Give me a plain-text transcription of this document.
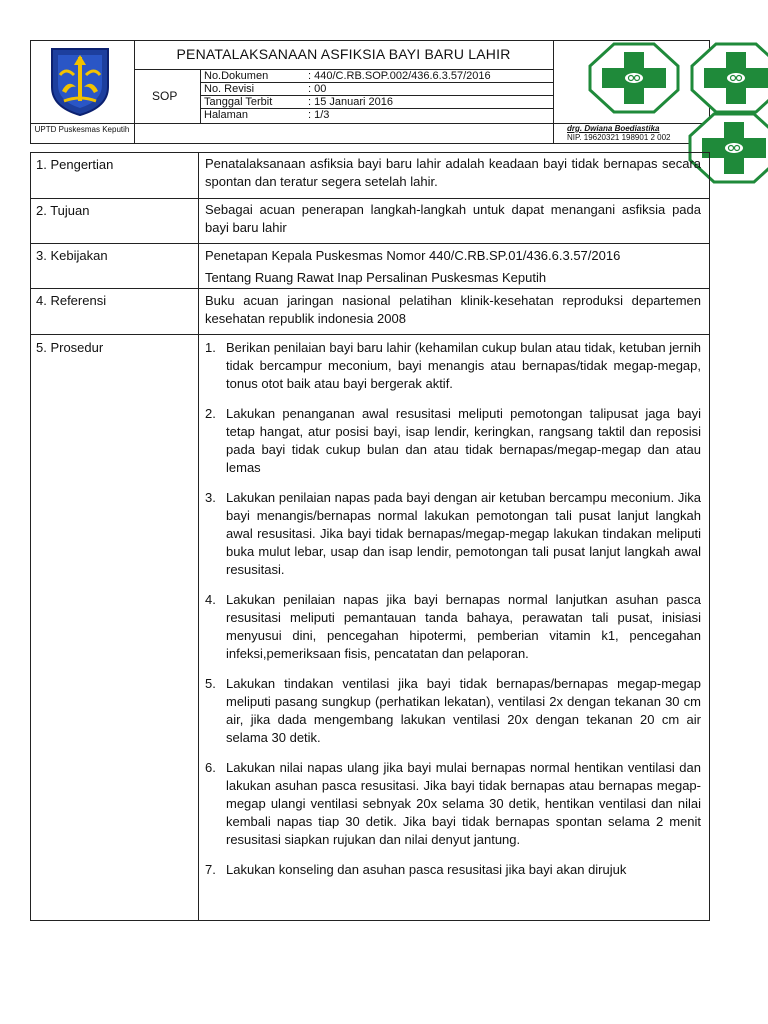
UPTD Puskesmas Keputih
PENATALAKSANAAN ASFIKSIA BAYI BARU LAHIR
SOP
No.Dokumen	: 440/C.RB.SOP.002/436.6.3.57/2016
No. Revisi	: 00
Tanggal Terbit	: 15 Januari 2016
Halaman	: 1/3
drg. Dwiana Boediastika
NIP. 19620321 198901 2 002
1. Pengertian	Penatalaksanaan asfiksia bayi baru lahir adalah keadaan bayi tidak bernapas secara spontan dan teratur segera setelah lahir.
2. Tujuan	Sebagai acuan penerapan langkah-langkah untuk dapat menangani asfiksia pada bayi baru lahir
3. Kebijakan	Penetapan Kepala Puskesmas Nomor 440/C.RB.SP.01/436.6.3.57/2016
Tentang Ruang Rawat Inap Persalinan Puskesmas Keputih
4. Referensi	Buku acuan jaringan nasional pelatihan klinik-kesehatan reproduksi departemen kesehatan republik indonesia 2008
5. Prosedur	1. Berikan penilaian bayi baru lahir (kehamilan cukup bulan atau tidak, ketuban jernih tidak bercampur meconium, bayi menangis atau bernapas/tidak megap-megap, tonus otot baik atau bayi bergerak aktif.
2. Lakukan penanganan awal resusitasi meliputi pemotongan talipusat jaga bayi tetap hangat, atur posisi bayi, isap lendir, keringkan, rangsang taktil dan reposisi pada bayi tidak cukup bulan dan atau tidak bernapas/megap-megap dan atau lemas
3. Lakukan penilaian napas pada bayi dengan air ketuban bercampu meconium. Jika bayi menangis/bernapas normal lakukan pemotongan tali pusat lanjut langkah awal resusitasi. Jika bayi tidak bernapas/megap-megap lakukan tindakan meliputi buka mulut lebar, usap dan isap lendir, pemotongan tali pusat lanjut langkah awal resusitasi.
4. Lakukan penilaian napas jika bayi bernapas normal lanjutkan asuhan pasca resusitasi meliputi pemantauan tanda bahaya, perawatan tali pusat, inisiasi menyusui dini, pencegahan hipotermi, pemberian vitamin k1, pencegahan infeksi,pemeriksaan fisis, pencatatan dan pelaporan.
5. Lakukan tindakan ventilasi jika bayi tidak bernapas/bernapas megap-megap meliputi pasang sungkup (perhatikan lekatan), ventilasi 2x dengan tekanan 30 cm air, jika dada mengembang lakukan ventilasi 20x dengan tekanan 20 cm air selama 30 detik.
6. Lakukan nilai napas ulang jika bayi mulai bernapas normal hentikan ventilasi dan lakukan asuhan pasca resusitasi. Jika bayi tidak bernapas atau bernapas megap-megap ulangi ventilasi sebnyak 20x selama 30 detik, hentikan ventilasi dan nilai kembali napas tiap 30 detik. Jika bayi tidak bernapas spontan selama 2 menit resusitasi siapkan rujukan dan nilai denyut jantung.
7. Lakukan konseling dan asuhan pasca resusitasi jika bayi akan dirujuk
